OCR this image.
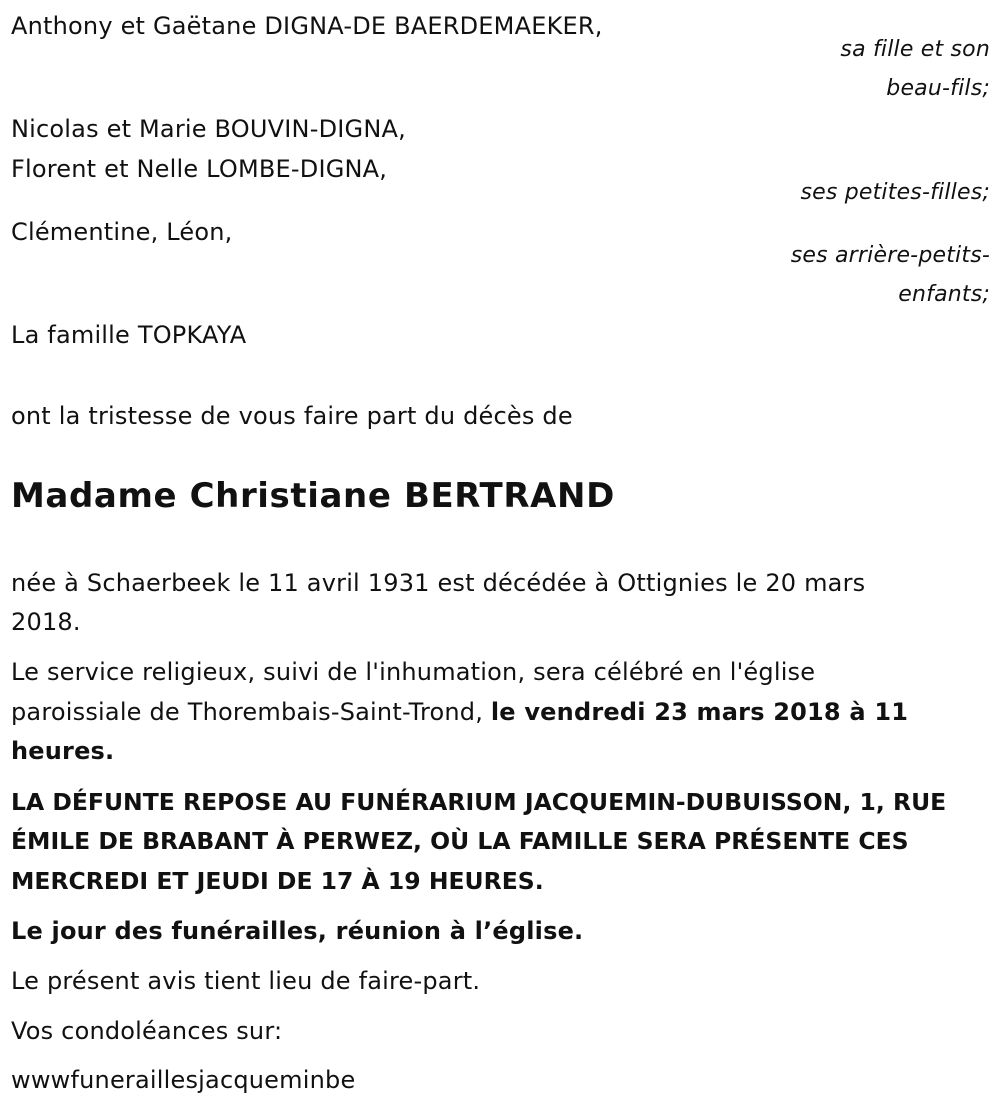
Anthony et Gaëtane DIGNA-DE BAERDEMAEKER,
sa fille et son
beau-fils;
Nicolas et Marie BOUVIN-DIGNA,
Florent et Nelle LOMBE-DIGNA,
ses petites-filles;
Clémentine, Léon,
ses arrière-petits-
enfants;
La famille TOPKAYA
ont la tristesse de vous faire part du décès de
Madame Christiane BERTRAND
née à Schaerbeek le 11 avril 1931 est décédée à Ottignies le 20 mars
2018.
Le service religieux, suivi de l'inhumation, sera célébré en l'église
paroissiale de Thorembais-Saint-Trond, le vendredi 23 mars 2018 à 11
heures.
LA DÉFUNTE REPOSE AU FUNÉRARIUM JACQUEMIN-DUBUISSON, 1, RUE
ÉMILE DE BRABANT À PERWEZ, OÙ LA FAMILLE SERA PRÉSENTE CES
MERCREDI ET JEUDI DE 17 À 19 HEURES.
Le jour des funérailles, réunion à l’église.
Le présent avis tient lieu de faire-part.
Vos condoléances sur:
wwwfuneraillesjacqueminbe
